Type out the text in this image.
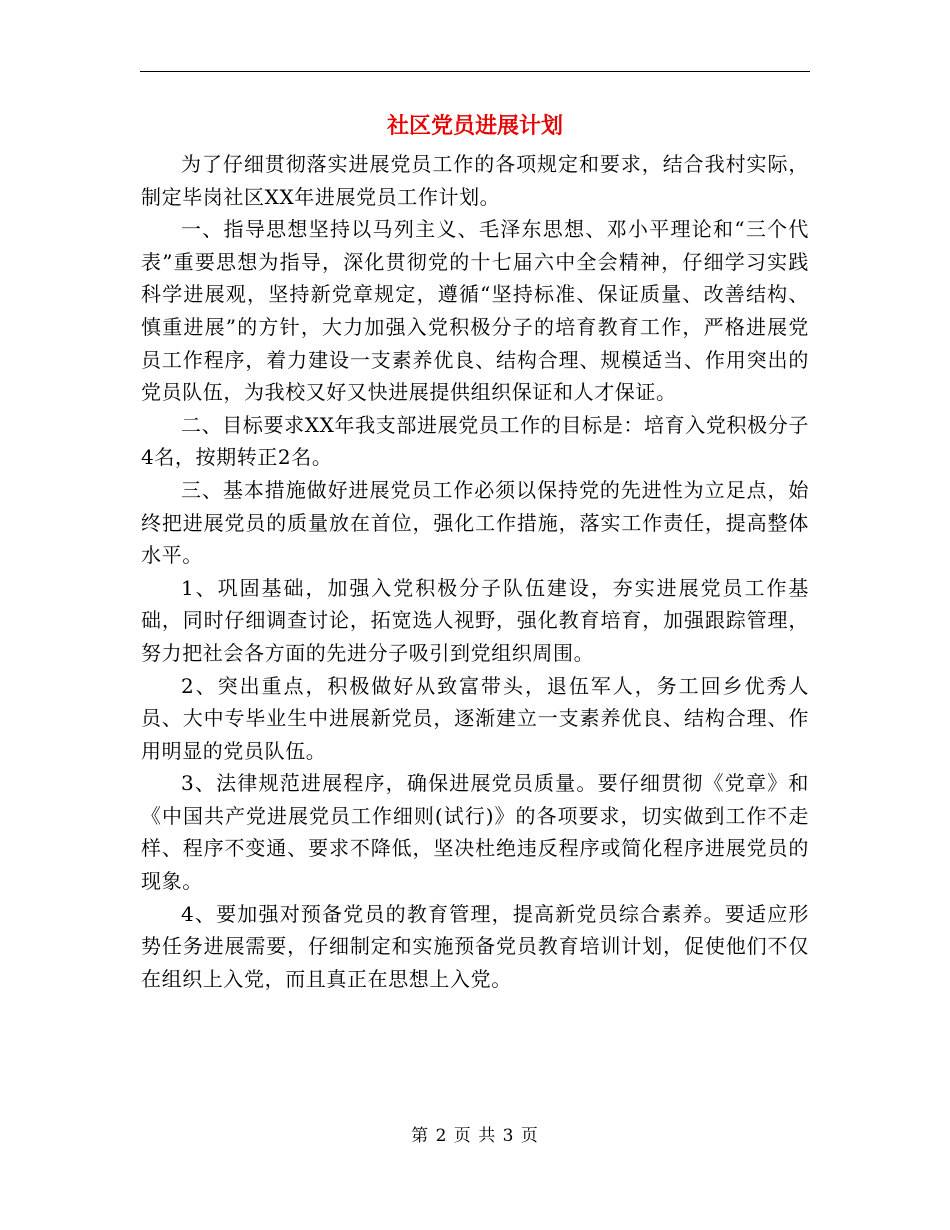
社区党员进展计划

为了仔细贯彻落实进展党员工作的各项规定和要求，结合我村实际，制定毕岗社区XX年进展党员工作计划。

一、指导思想坚持以马列主义、毛泽东思想、邓小平理论和“三个代表”重要思想为指导，深化贯彻党的十七届六中全会精神，仔细学习实践科学进展观，坚持新党章规定，遵循“坚持标准、保证质量、改善结构、慎重进展”的方针，大力加强入党积极分子的培育教育工作，严格进展党员工作程序，着力建设一支素养优良、结构合理、规模适当、作用突出的党员队伍，为我校又好又快进展提供组织保证和人才保证。

二、目标要求XX年我支部进展党员工作的目标是：培育入党积极分子4名，按期转正2名。

三、基本措施做好进展党员工作必须以保持党的先进性为立足点，始终把进展党员的质量放在首位，强化工作措施，落实工作责任，提高整体水平。

1、巩固基础，加强入党积极分子队伍建设，夯实进展党员工作基础，同时仔细调查讨论，拓宽选人视野，强化教育培育，加强跟踪管理，努力把社会各方面的先进分子吸引到党组织周围。

2、突出重点，积极做好从致富带头，退伍军人，务工回乡优秀人员、大中专毕业生中进展新党员，逐渐建立一支素养优良、结构合理、作用明显的党员队伍。

3、法律规范进展程序，确保进展党员质量。要仔细贯彻《党章》和《中国共产党进展党员工作细则(试行)》的各项要求，切实做到工作不走样、程序不变通、要求不降低，坚决杜绝违反程序或简化程序进展党员的现象。

4、要加强对预备党员的教育管理，提高新党员综合素养。要适应形势任务进展需要，仔细制定和实施预备党员教育培训计划，促使他们不仅在组织上入党，而且真正在思想上入党。

第 2 页 共 3 页
